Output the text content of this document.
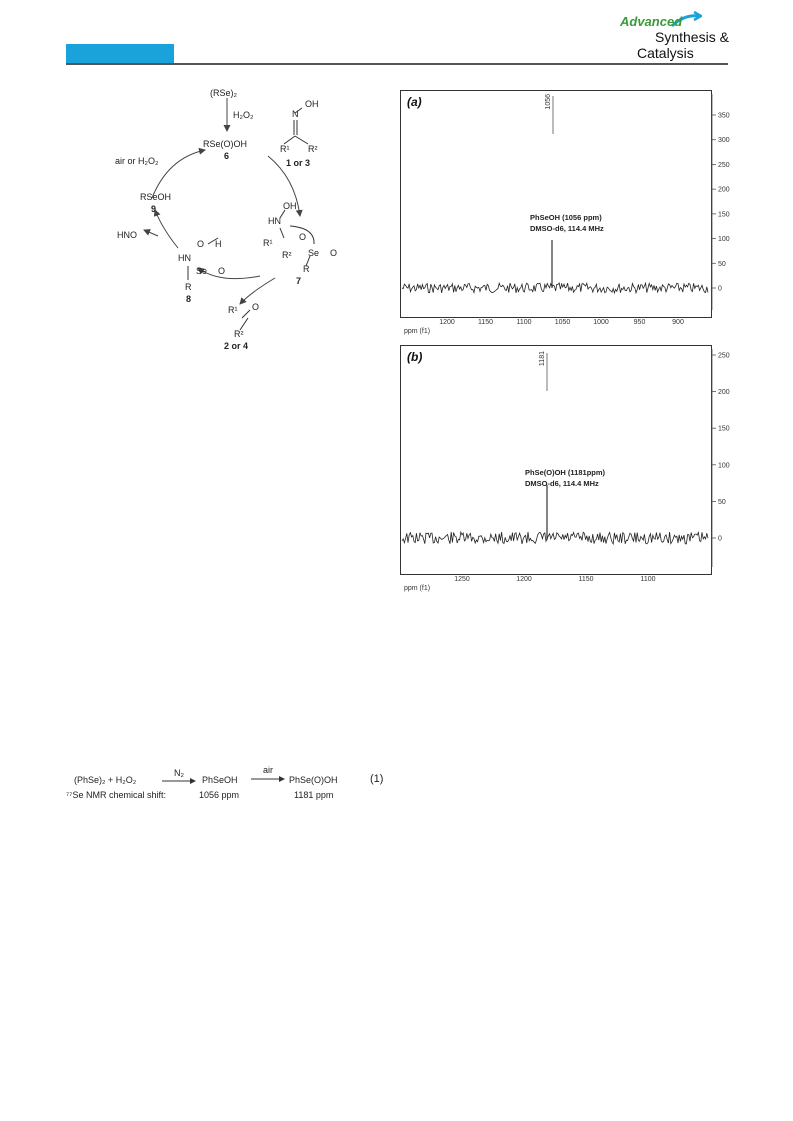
Advanced
Synthesis &
Catalysis
(RSe)₂
H₂O₂
RSe(O)OH
6
OH
N
R¹ R²
1 or 3
air or H₂O₂
RSeOH
9
HNO
OH
HN
R¹
R²
O
Se O
R
7
O H
HN
Se O
R
8
R¹ O
R²
2 or 4
(a)
PhSeOH (1056 ppm)
DMSO-d6, 114.4 MHz
1056
350
300
250
200
150
100
50
0
1200	1150	1100	1050	1000	950	900
ppm (f1)
(b)
PhSe(O)OH (1181ppm)
DMSO-d6, 114.4 MHz
1181	250
200
150
100
50
0
1250	1200	1150	1100
ppm (f1)
(PhSe)₂ + H₂O₂
N₂
PhSeOH
air
PhSe(O)OH	(1)
⁷⁷Se NMR chemical shift:	1056 ppm	1181 ppm
